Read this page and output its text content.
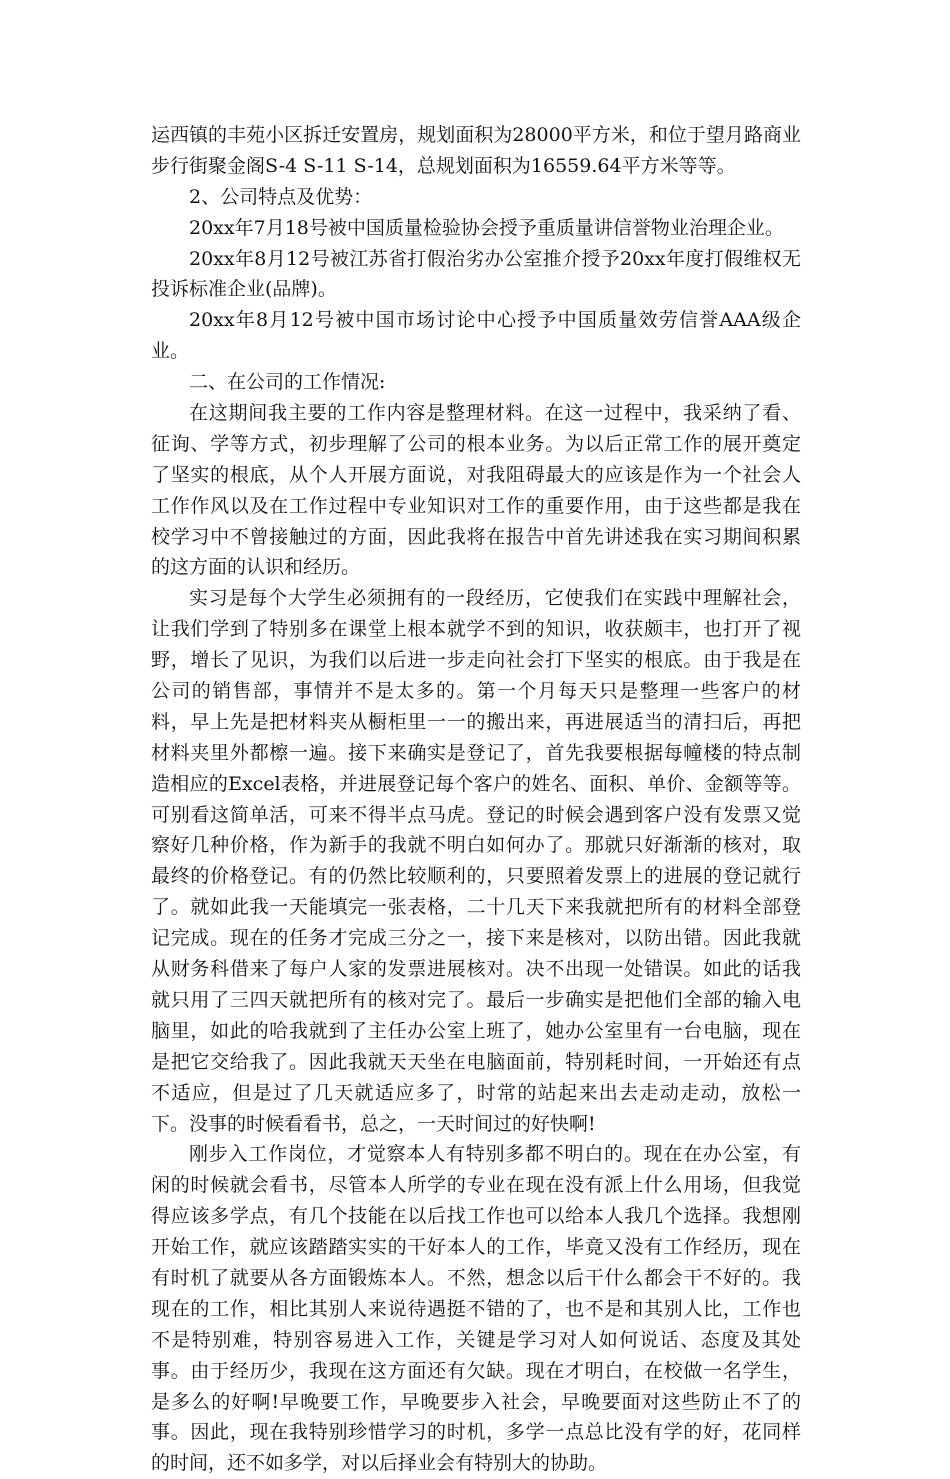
运西镇的丰苑小区拆迁安置房，规划面积为28000平方米，和位于望月路商业
步行街聚金阁S-4 S-11 S-14，总规划面积为16559.64平方米等等。
2、公司特点及优势：
20xx年7月18号被中国质量检验协会授予重质量讲信誉物业治理企业。
20xx年8月12号被江苏省打假治劣办公室推介授予20xx年度打假维权无
投诉标准企业(品牌)。
20xx年8月12号被中国市场讨论中心授予中国质量效劳信誉AAA级企
业。
二、在公司的工作情况:
在这期间我主要的工作内容是整理材料。在这一过程中，我采纳了看、
征询、学等方式，初步理解了公司的根本业务。为以后正常工作的展开奠定
了坚实的根底，从个人开展方面说，对我阻碍最大的应该是作为一个社会人
工作作风以及在工作过程中专业知识对工作的重要作用，由于这些都是我在
校学习中不曾接触过的方面，因此我将在报告中首先讲述我在实习期间积累
的这方面的认识和经历。
实习是每个大学生必须拥有的一段经历，它使我们在实践中理解社会，
让我们学到了特别多在课堂上根本就学不到的知识，收获颇丰，也打开了视
野，增长了见识，为我们以后进一步走向社会打下坚实的根底。由于我是在
公司的销售部，事情并不是太多的。第一个月每天只是整理一些客户的材
料，早上先是把材料夹从橱柜里一一的搬出来，再进展适当的清扫后，再把
材料夹里外都檫一遍。接下来确实是登记了，首先我要根据每幢楼的特点制
造相应的Excel表格，并进展登记每个客户的姓名、面积、单价、金额等等。
可别看这简单活，可来不得半点马虎。登记的时候会遇到客户没有发票又觉
察好几种价格，作为新手的我就不明白如何办了。那就只好渐渐的核对，取
最终的价格登记。有的仍然比较顺利的，只要照着发票上的进展的登记就行
了。就如此我一天能填完一张表格，二十几天下来我就把所有的材料全部登
记完成。现在的任务才完成三分之一，接下来是核对，以防出错。因此我就
从财务科借来了每户人家的发票进展核对。决不出现一处错误。如此的话我
就只用了三四天就把所有的核对完了。最后一步确实是把他们全部的输入电
脑里，如此的哈我就到了主任办公室上班了，她办公室里有一台电脑，现在
是把它交给我了。因此我就天天坐在电脑面前，特别耗时间，一开始还有点
不适应，但是过了几天就适应多了，时常的站起来出去走动走动，放松一
下。没事的时候看看书，总之，一天时间过的好快啊!
刚步入工作岗位，才觉察本人有特别多都不明白的。现在在办公室，有
闲的时候就会看书，尽管本人所学的专业在现在没有派上什么用场，但我觉
得应该多学点，有几个技能在以后找工作也可以给本人我几个选择。我想刚
开始工作，就应该踏踏实实的干好本人的工作，毕竟又没有工作经历，现在
有时机了就要从各方面锻炼本人。不然，想念以后干什么都会干不好的。我
现在的工作，相比其别人来说待遇挺不错的了，也不是和其别人比，工作也
不是特别难，特别容易进入工作，关键是学习对人如何说话、态度及其处
事。由于经历少，我现在这方面还有欠缺。现在才明白，在校做一名学生，
是多么的好啊!早晚要工作，早晚要步入社会，早晚要面对这些防止不了的
事。因此，现在我特别珍惜学习的时机，多学一点总比没有学的好，花同样
的时间，还不如多学，对以后择业会有特别大的协助。
